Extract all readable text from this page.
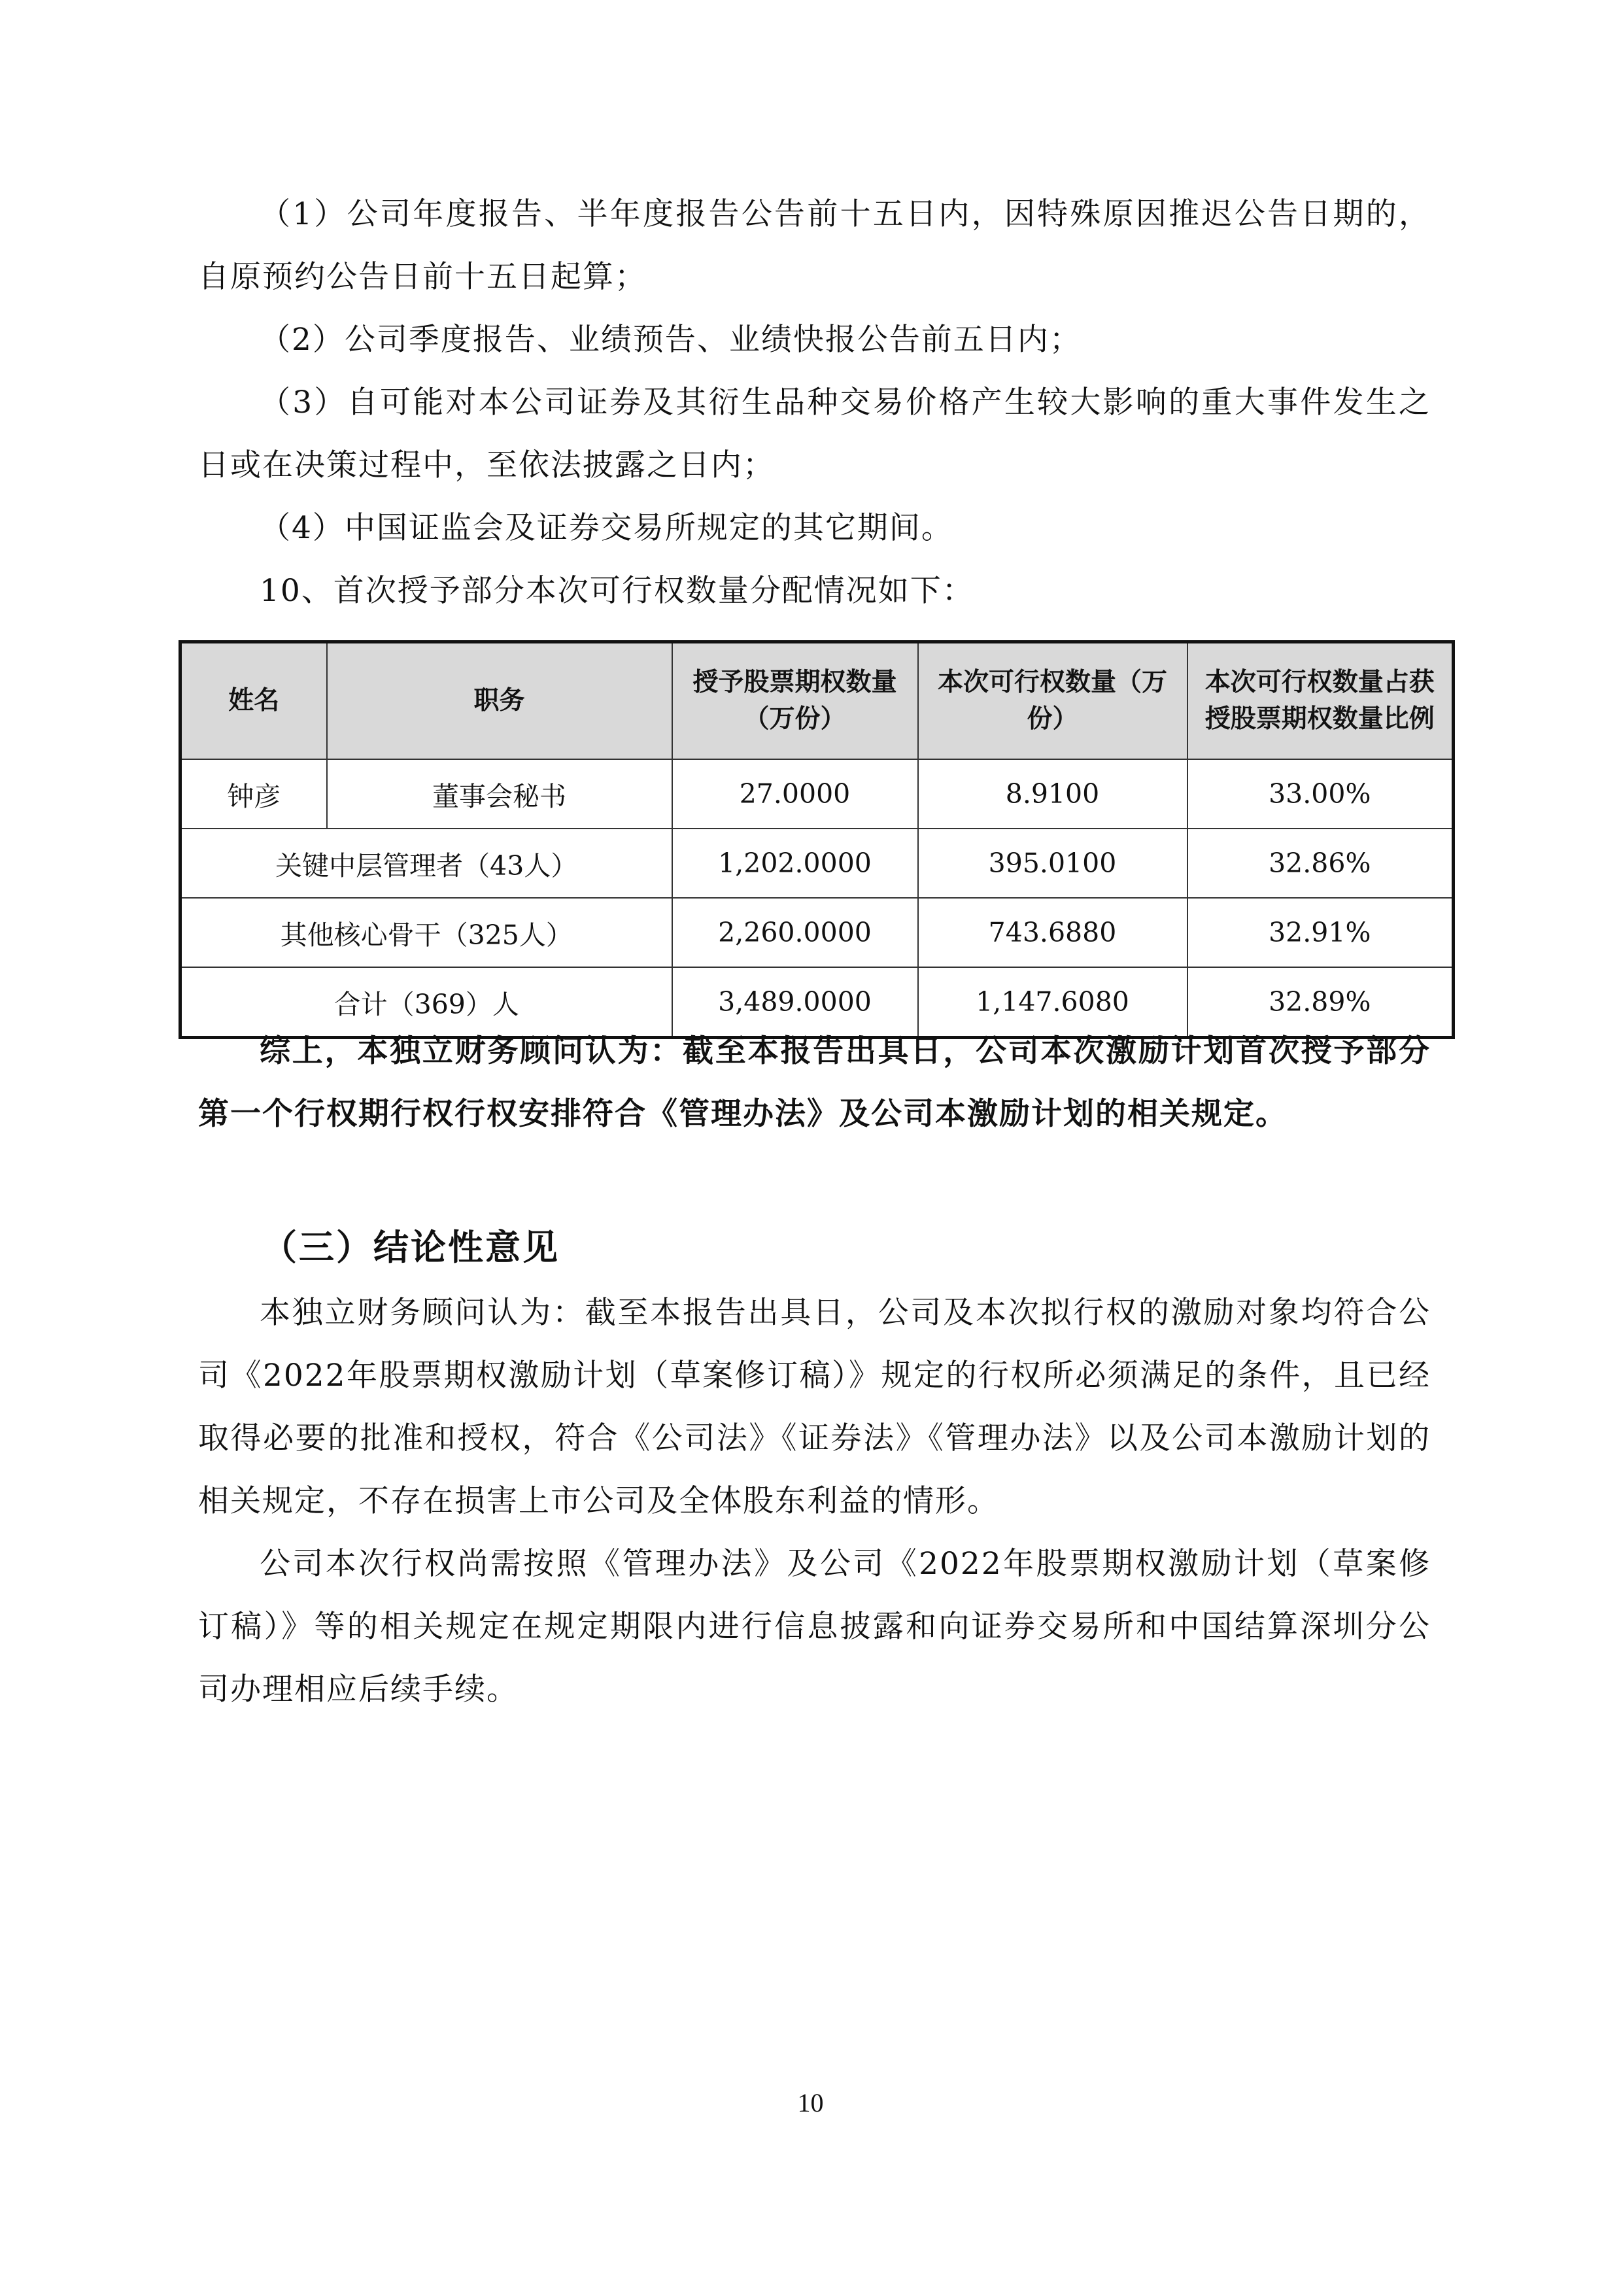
（1）公司年度报告、半年度报告公告前十五日内，因特殊原因推迟公告日期的，自原预约公告日前十五日起算；

（2）公司季度报告、业绩预告、业绩快报公告前五日内；

（3）自可能对本公司证券及其衍生品种交易价格产生较大影响的重大事件发生之日或在决策过程中，至依法披露之日内；

（4）中国证监会及证券交易所规定的其它期间。

10、首次授予部分本次可行权数量分配情况如下：

姓名	职务	授予股票期权数量（万份）	本次可行权数量（万份）	本次可行权数量占获授股票期权数量比例
钟彦	董事会秘书	27.0000	8.9100	33.00%
关键中层管理者（43人）		1,202.0000	395.0100	32.86%
其他核心骨干（325人）		2,260.0000	743.6880	32.91%
合计（369）人		3,489.0000	1,147.6080	32.89%

综上，本独立财务顾问认为：截至本报告出具日，公司本次激励计划首次授予部分第一个行权期行权行权安排符合《管理办法》及公司本激励计划的相关规定。

（三）结论性意见

本独立财务顾问认为：截至本报告出具日，公司及本次拟行权的激励对象均符合公司《2022年股票期权激励计划（草案修订稿）》规定的行权所必须满足的条件，且已经取得必要的批准和授权，符合《公司法》《证券法》《管理办法》以及公司本激励计划的相关规定，不存在损害上市公司及全体股东利益的情形。

公司本次行权尚需按照《管理办法》及公司《2022年股票期权激励计划（草案修订稿）》等的相关规定在规定期限内进行信息披露和向证券交易所和中国结算深圳分公司办理相应后续手续。

10
